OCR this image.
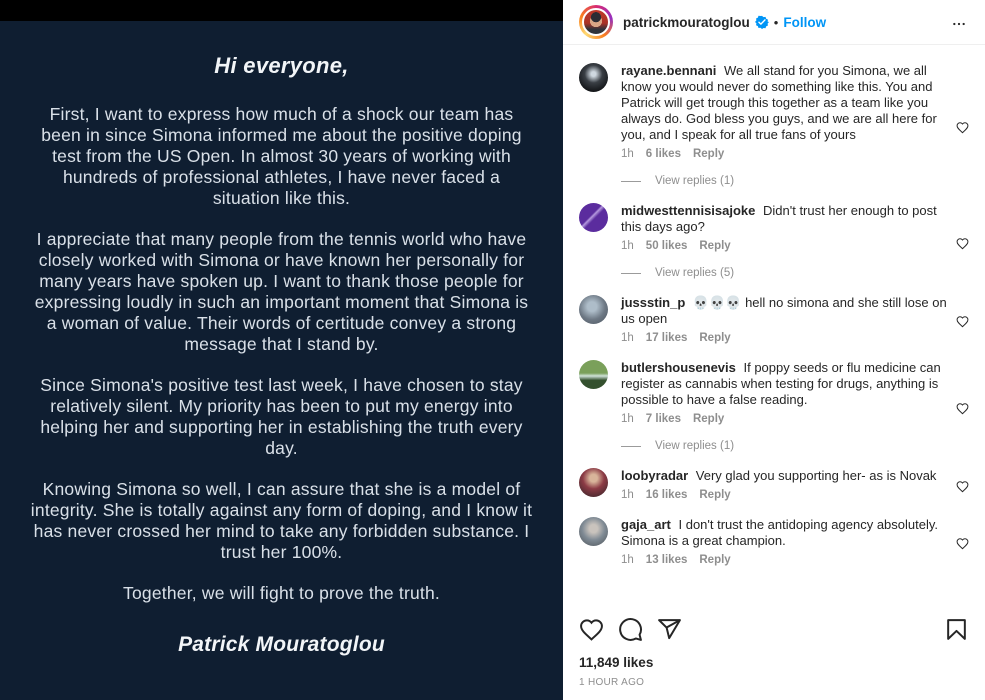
Hi everyone,

First, I want to express how much of a shock our team has been in since Simona informed me about the positive doping test from the US Open. In almost 30 years of working with hundreds of professional athletes, I have never faced a situation like this.

I appreciate that many people from the tennis world who have closely worked with Simona or have known her personally for many years have spoken up. I want to thank those people for expressing loudly in such an important moment that Simona is a woman of value. Their words of certitude convey a strong message that I stand by.

Since Simona's positive test last week, I have chosen to stay relatively silent. My priority has been to put my energy into helping her and supporting her in establishing the truth every day.

Knowing Simona so well, I can assure that she is a model of integrity. She is totally against any form of doping, and I know it has never crossed her mind to take any forbidden substance. I trust her 100%.

Together, we will fight to prove the truth.

Patrick Mouratoglou
patrickmouratoglou • Follow
rayane.bennani We all stand for you Simona, we all know you would never do something like this. You and Patrick will get trough this together as a team like you always do. God bless you guys, and we are all here for you, and I speak for all true fans of yours
1h 6 likes Reply
View replies (1)
midwesttennisisajoke Didn't trust her enough to post this days ago?
1h 50 likes Reply
View replies (5)
jussstin_p 💀💀💀 hell no simona and she still lose on us open
1h 17 likes Reply
butlershousenevis If poppy seeds or flu medicine can register as cannabis when testing for drugs, anything is possible to have a false reading.
1h 7 likes Reply
View replies (1)
loobyradar Very glad you supporting her- as is Novak
1h 16 likes Reply
gaja_art I don't trust the antidoping agency absolutely. Simona is a great champion.
1h 13 likes Reply
11,849 likes
1 HOUR AGO
